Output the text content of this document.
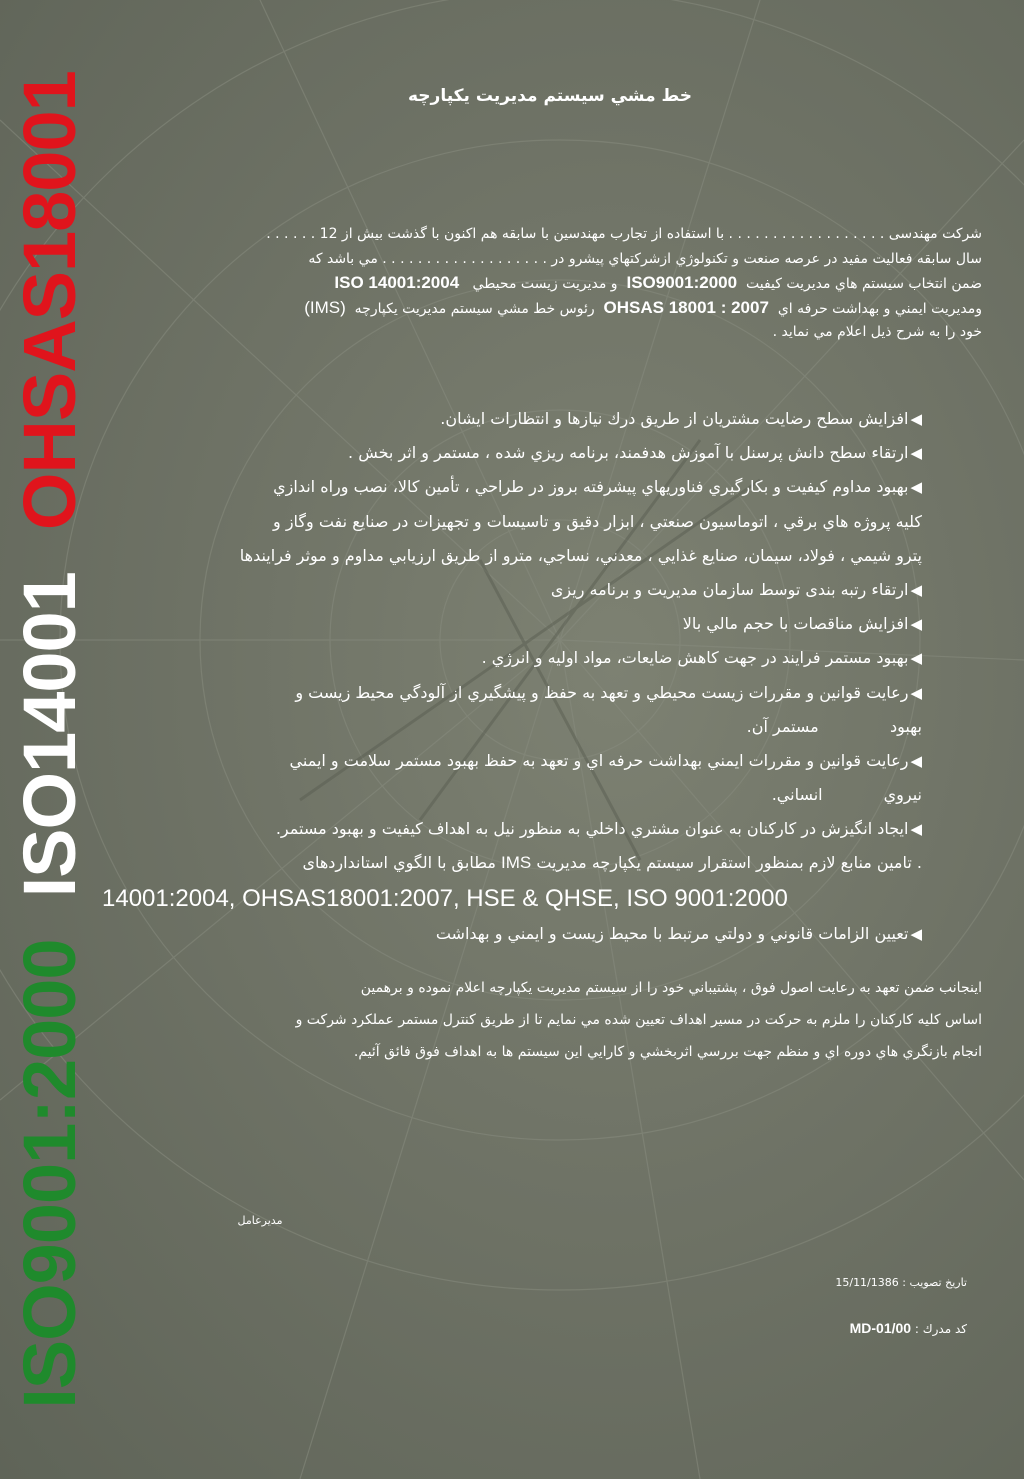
ISO9001:2000ISO14001OHSAS18001	خط مشي سيستم مديريت يكپارچه
شركت مهندسی . . . . . . . . . . . . . . . . . . با استفاده از تجارب مهندسين با سابقه هم اكنون با گذشت بيش از 12 . . . . . .
سال سابقه فعاليت مفيد در عرصه صنعت و تكنولوژي ازشركتهاي پيشرو در . . . . . . . . . . . . . . . . . . . مي باشد كه
ضمن انتخاب سيستم هاي مديريت كيفيت  ISO9001:2000  و مديريت زيست محيطي   ISO 14001:2004
ومديريت ايمني و بهداشت حرفه اي  OHSAS 18001 : 2007  رئوس خط مشي سيستم مديريت يكپارچه  (IMS)
خود را به شرح ذيل اعلام مي نمايد .
◀افزايش سطح رضايت مشتريان از طريق درك نيازها و انتظارات ايشان.
◀ارتقاء سطح دانش پرسنل با آموزش هدفمند، برنامه ريزي شده ، مستمر و اثر بخش .
◀بهبود مداوم كيفيت و بكارگيري فناوريهاي پيشرفته بروز در طراحي ، تأمين كالا، نصب وراه اندازي
كليه پروژه هاي برقي ، اتوماسيون صنعتي ، ابزار دقيق و تاسيسات و تجهيزات در صنايع نفت وگاز و
پترو شيمي ، فولاد، سيمان، صنايع غذايي ، معدني، نساجي، مترو از طريق ارزيابي مداوم و موثر فرايندها
◀ارتقاء رتبه بندی توسط سازمان مديريت و برنامه ريزی
◀افزايش مناقصات با حجم مالي بالا
◀بهبود مستمر فرايند در جهت كاهش ضايعات، مواد اوليه و انرژي .
◀رعايت قوانين و مقررات زيست محيطي و تعهد به حفظ و پيشگيري از آلودگي محيط زيست و
بهبود              مستمر آن.
◀رعايت قوانين و مقررات ايمني بهداشت حرفه اي و تعهد به حفظ بهبود مستمر سلامت و ايمني
نيروي            انساني.
◀ايجاد انگيزش در كاركنان به عنوان مشتري داخلي به منظور نيل به اهداف كيفيت و بهبود مستمر.
. تامين منابع لازم بمنظور استقرار سيستم يكپارچه مديريت IMS مطابق با الگوي استانداردهای
14001:2004, OHSAS18001:2007, HSE & QHSE, ISO 9001:2000
◀تعيين الزامات قانوني و دولتي مرتبط با محيط زيست و ايمني و بهداشت
اينجانب ضمن تعهد به رعايت اصول فوق ، پشتيباني خود را از سيستم مديريت يكپارچه اعلام نموده و برهمين
اساس كليه كاركنان را ملزم به حركت در مسير اهداف تعيين شده مي نمايم تا از طريق كنترل مستمر عملكرد شركت و
انجام بازنگري هاي دوره اي و منظم جهت بررسي اثربخشي و كارايي اين سيستم ها به اهداف فوق فائق آئيم.
مديرعامل
تاريخ تصويب : 15/11/1386
كد مدرك : MD-01/00
